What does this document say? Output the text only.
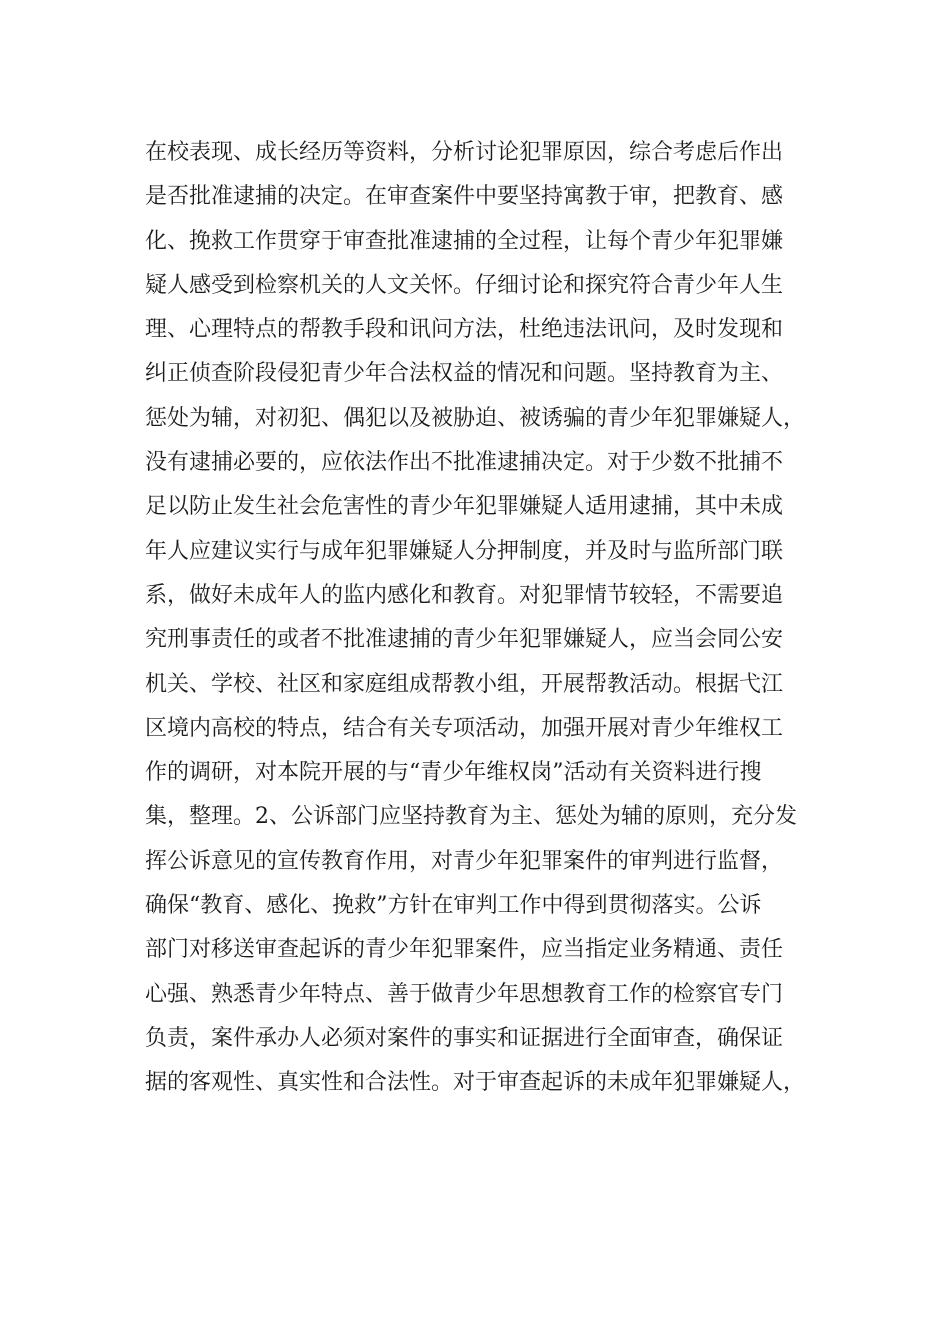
在校表现、成长经历等资料，分析讨论犯罪原因，综合考虑后作出
是否批准逮捕的决定。在审查案件中要坚持寓教于审，把教育、感
化、挽救工作贯穿于审查批准逮捕的全过程，让每个青少年犯罪嫌
疑人感受到检察机关的人文关怀。仔细讨论和探究符合青少年人生
理、心理特点的帮教手段和讯问方法，杜绝违法讯问，及时发现和
纠正侦查阶段侵犯青少年合法权益的情况和问题。坚持教育为主、
惩处为辅，对初犯、偶犯以及被胁迫、被诱骗的青少年犯罪嫌疑人，
没有逮捕必要的，应依法作出不批准逮捕决定。对于少数不批捕不
足以防止发生社会危害性的青少年犯罪嫌疑人适用逮捕，其中未成
年人应建议实行与成年犯罪嫌疑人分押制度，并及时与监所部门联
系，做好未成年人的监内感化和教育。对犯罪情节较轻，不需要追
究刑事责任的或者不批准逮捕的青少年犯罪嫌疑人，应当会同公安
机关、学校、社区和家庭组成帮教小组，开展帮教活动。根据弋江
区境内高校的特点，结合有关专项活动，加强开展对青少年维权工
作的调研，对本院开展的与“青少年维权岗”活动有关资料进行搜
集，整理。2、公诉部门应坚持教育为主、惩处为辅的原则，充分发
挥公诉意见的宣传教育作用，对青少年犯罪案件的审判进行监督，
确保“教育、感化、挽救”方针在审判工作中得到贯彻落实。公诉
部门对移送审查起诉的青少年犯罪案件，应当指定业务精通、责任
心强、熟悉青少年特点、善于做青少年思想教育工作的检察官专门
负责，案件承办人必须对案件的事实和证据进行全面审查，确保证
据的客观性、真实性和合法性。对于审查起诉的未成年犯罪嫌疑人，
